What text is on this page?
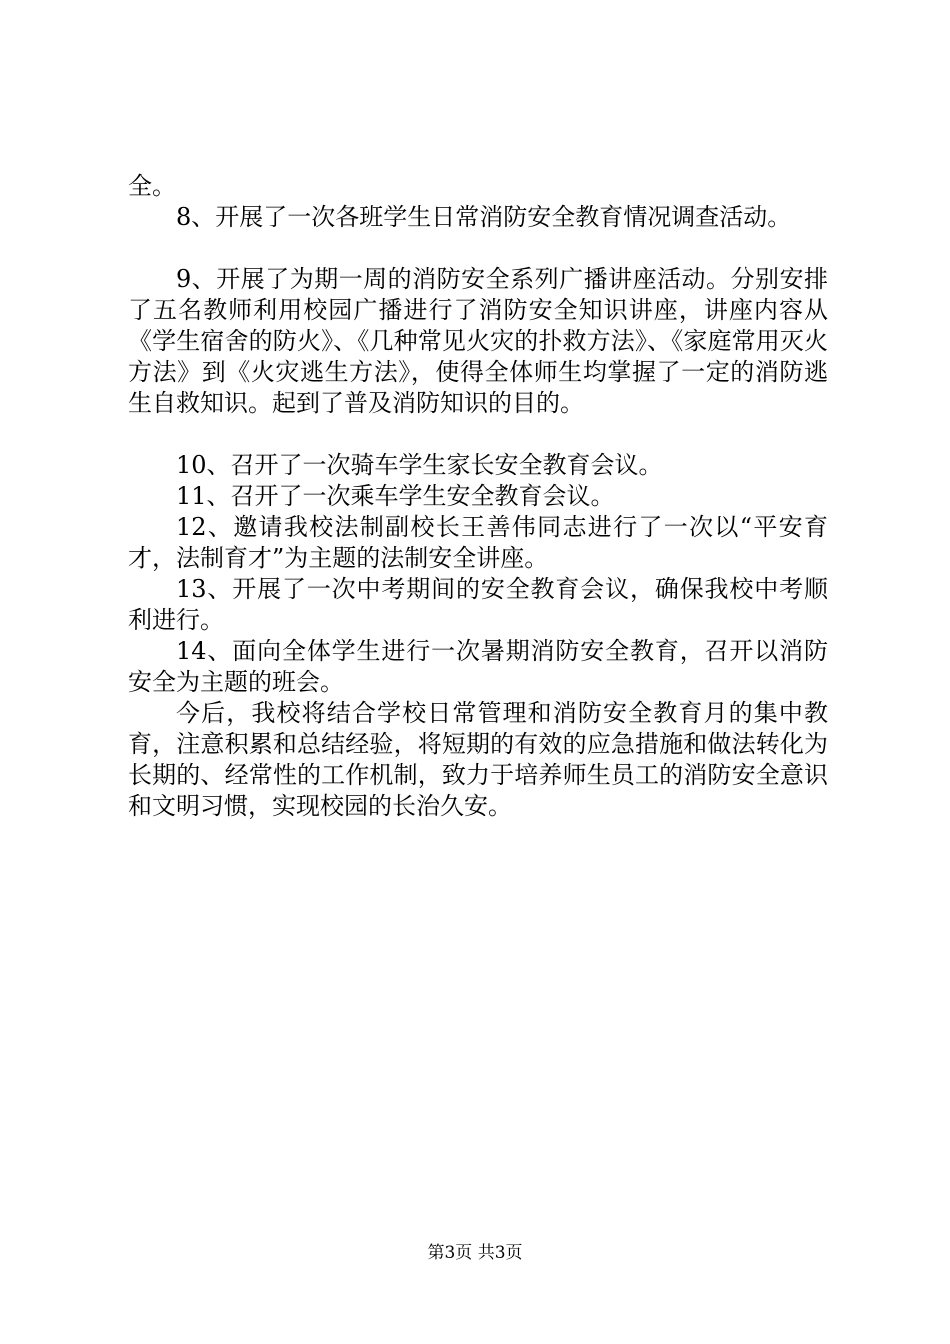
全。

8、开展了一次各班学生日常消防安全教育情况调查活动。

9、开展了为期一周的消防安全系列广播讲座活动。分别安排了五名教师利用校园广播进行了消防安全知识讲座，讲座内容从《学生宿舍的防火》、《几种常见火灾的扑救方法》、《家庭常用灭火方法》到《火灾逃生方法》，使得全体师生均掌握了一定的消防逃生自救知识。起到了普及消防知识的目的。

10、召开了一次骑车学生家长安全教育会议。

11、召开了一次乘车学生安全教育会议。

12、邀请我校法制副校长王善伟同志进行了一次以“平安育才，法制育才”为主题的法制安全讲座。

13、开展了一次中考期间的安全教育会议，确保我校中考顺利进行。

14、面向全体学生进行一次暑期消防安全教育，召开以消防安全为主题的班会。

今后，我校将结合学校日常管理和消防安全教育月的集中教育，注意积累和总结经验，将短期的有效的应急措施和做法转化为长期的、经常性的工作机制，致力于培养师生员工的消防安全意识和文明习惯，实现校园的长治久安。

第3页 共3页
